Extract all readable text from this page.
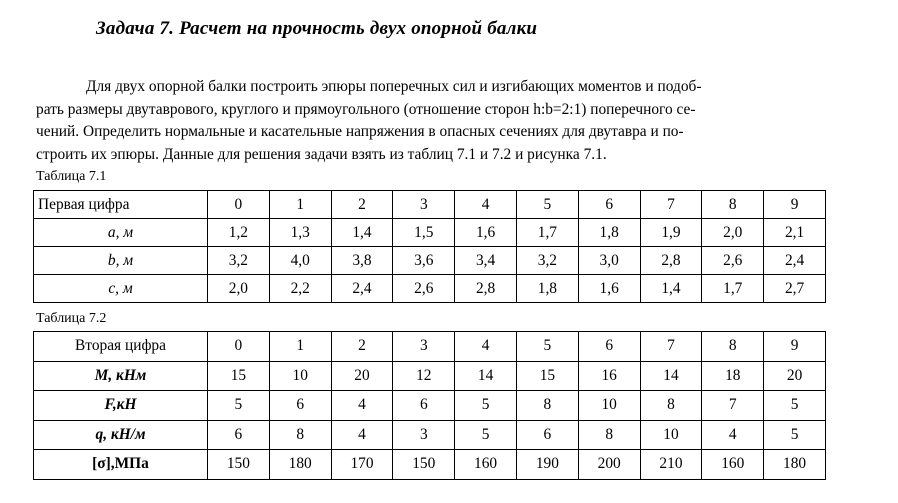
Задача 7. Расчет на прочность двух опорной балки
Для двух опорной балки построить эпюры поперечных сил и изгибающих моментов и подоб-
рать размеры двутаврового, круглого и прямоугольного (отношение сторон h:b=2:1) поперечного се-
чений. Определить нормальные и касательные напряжения в опасных сечениях для двутавра и по-
строить их эпюры. Данные для решения задачи взять из таблиц 7.1 и 7.2 и рисунка 7.1.
Таблица 7.1
Первая цифра	0	1	2	3	4	5	6	7	8	9
a, м	1,2	1,3	1,4	1,5	1,6	1,7	1,8	1,9	2,0	2,1
b, м	3,2	4,0	3,8	3,6	3,4	3,2	3,0	2,8	2,6	2,4
c, м	2,0	2,2	2,4	2,6	2,8	1,8	1,6	1,4	1,7	2,7
Таблица 7.2
Вторая цифра	0	1	2	3	4	5	6	7	8	9
M, кНм	15	10	20	12	14	15	16	14	18	20
F,кН	5	6	4	6	5	8	10	8	7	5
q, кН/м	6	8	4	3	5	6	8	10	4	5
[σ],МПа	150	180	170	150	160	190	200	210	160	180
